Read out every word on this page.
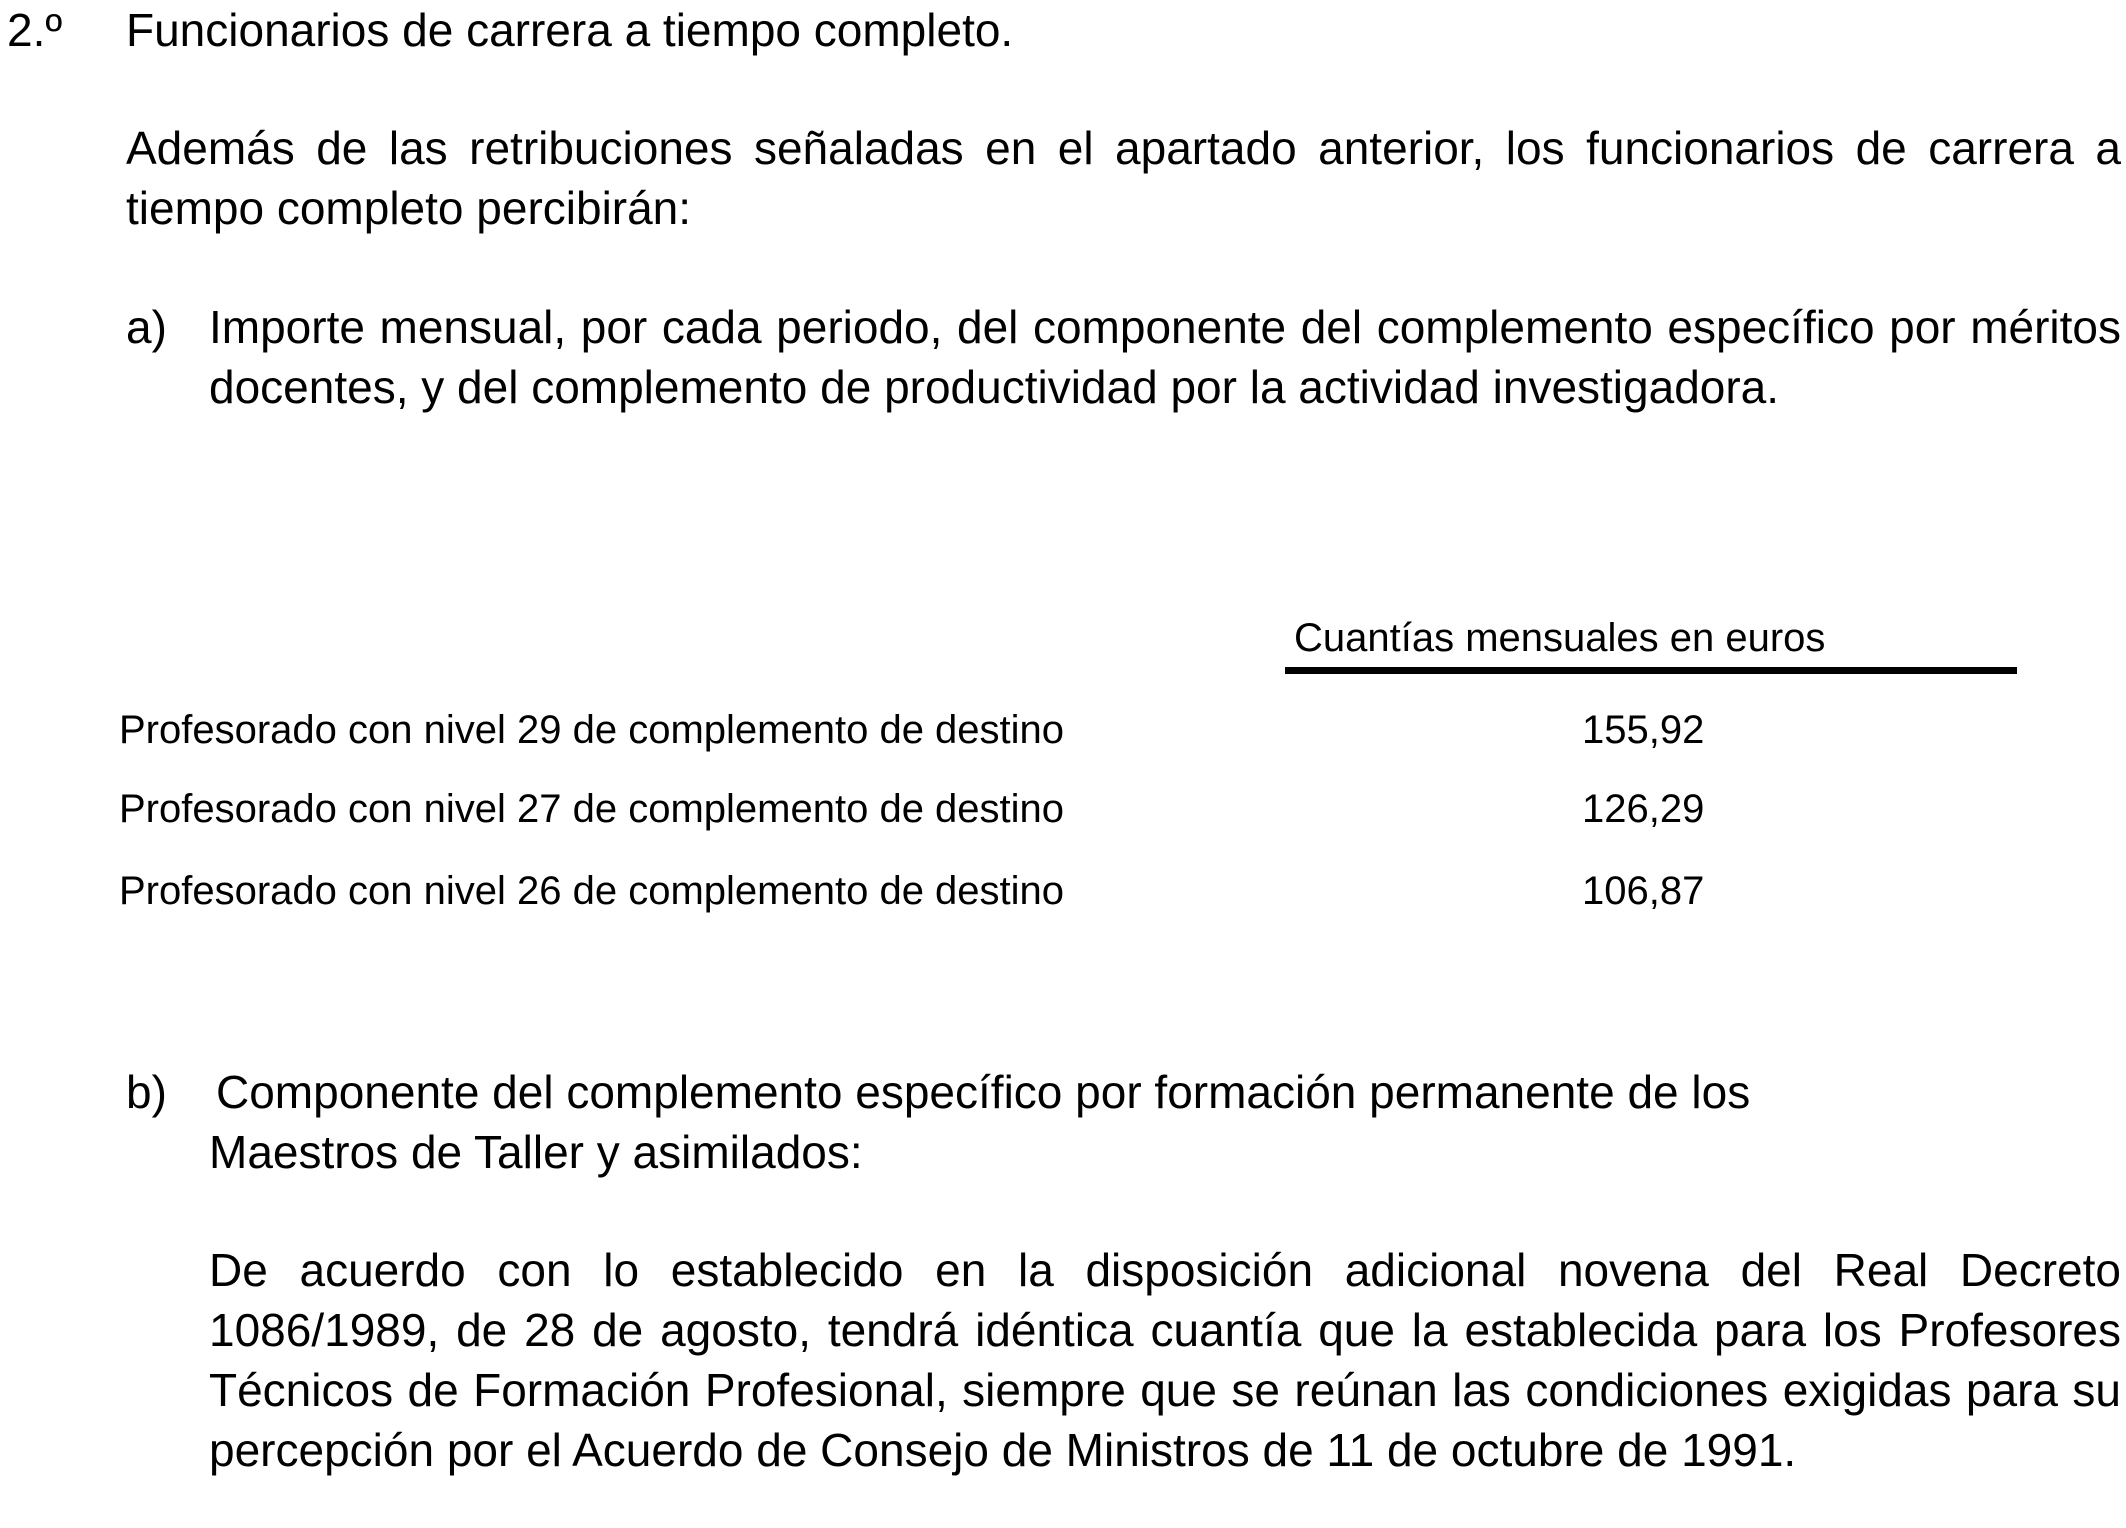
2.º Funcionarios de carrera a tiempo completo.
Además de las retribuciones señaladas en el apartado anterior, los funcionarios de carrera a tiempo completo percibirán:
a) Importe mensual, por cada periodo, del componente del complemento específico por méritos docentes, y del complemento de productividad por la actividad investigadora.
Cuantías mensuales en euros
Profesorado con nivel 29 de complemento de destino	155,92
Profesorado con nivel 27 de complemento de destino	126,29
Profesorado con nivel 26 de complemento de destino	106,87
b) Componente del complemento específico por formación permanente de los
Maestros de Taller y asimilados:
De acuerdo con lo establecido en la disposición adicional novena del Real Decreto 1086/1989, de 28 de agosto, tendrá idéntica cuantía que la establecida para los Profesores Técnicos de Formación Profesional, siempre que se reúnan las condiciones exigidas para su percepción por el Acuerdo de Consejo de Ministros de 11 de octubre de 1991.
